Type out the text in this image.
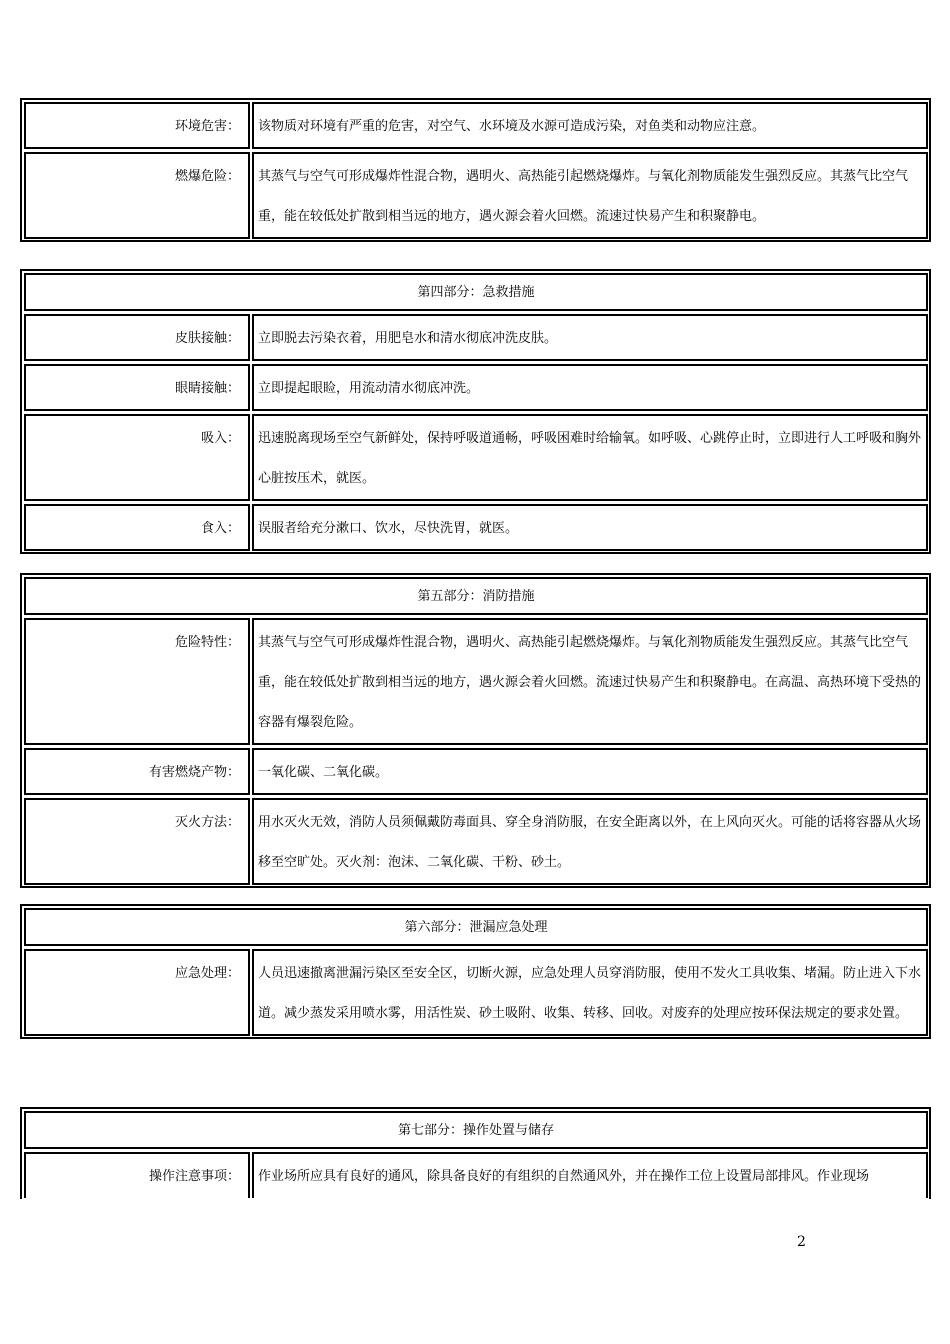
环境危害：	该物质对环境有严重的危害，对空气、水环境及水源可造成污染，对鱼类和动物应注意。
燃爆危险：	其蒸气与空气可形成爆炸性混合物，遇明火、高热能引起燃烧爆炸。与氧化剂物质能发生强烈反应。其蒸气比空气重，能在较低处扩散到相当远的地方，遇火源会着火回燃。流速过快易产生和积聚静电。
第四部分：急救措施
皮肤接触：	立即脱去污染衣着，用肥皂水和清水彻底冲洗皮肤。
眼睛接触：	立即提起眼睑，用流动清水彻底冲洗。
吸入：	迅速脱离现场至空气新鲜处，保持呼吸道通畅，呼吸困难时给输氧。如呼吸、心跳停止时，立即进行人工呼吸和胸外心脏按压术，就医。
食入：	误服者给充分漱口、饮水，尽快洗胃，就医。
第五部分：消防措施
危险特性：	其蒸气与空气可形成爆炸性混合物，遇明火、高热能引起燃烧爆炸。与氧化剂物质能发生强烈反应。其蒸气比空气重，能在较低处扩散到相当远的地方，遇火源会着火回燃。流速过快易产生和积聚静电。在高温、高热环境下受热的容器有爆裂危险。
有害燃烧产物：	一氧化碳、二氧化碳。
灭火方法：	用水灭火无效，消防人员须佩戴防毒面具、穿全身消防服，在安全距离以外，在上风向灭火。可能的话将容器从火场移至空旷处。灭火剂：泡沫、二氧化碳、干粉、砂土。
第六部分：泄漏应急处理
应急处理：	人员迅速撤离泄漏污染区至安全区，切断火源，应急处理人员穿消防服，使用不发火工具收集、堵漏。防止进入下水道。减少蒸发采用喷水雾，用活性炭、砂土吸附、收集、转移、回收。对废弃的处理应按环保法规定的要求处置。
第七部分：操作处置与储存
操作注意事项：	作业场所应具有良好的通风，除具备良好的有组织的自然通风外，并在操作工位上设置局部排风。作业现场
2
